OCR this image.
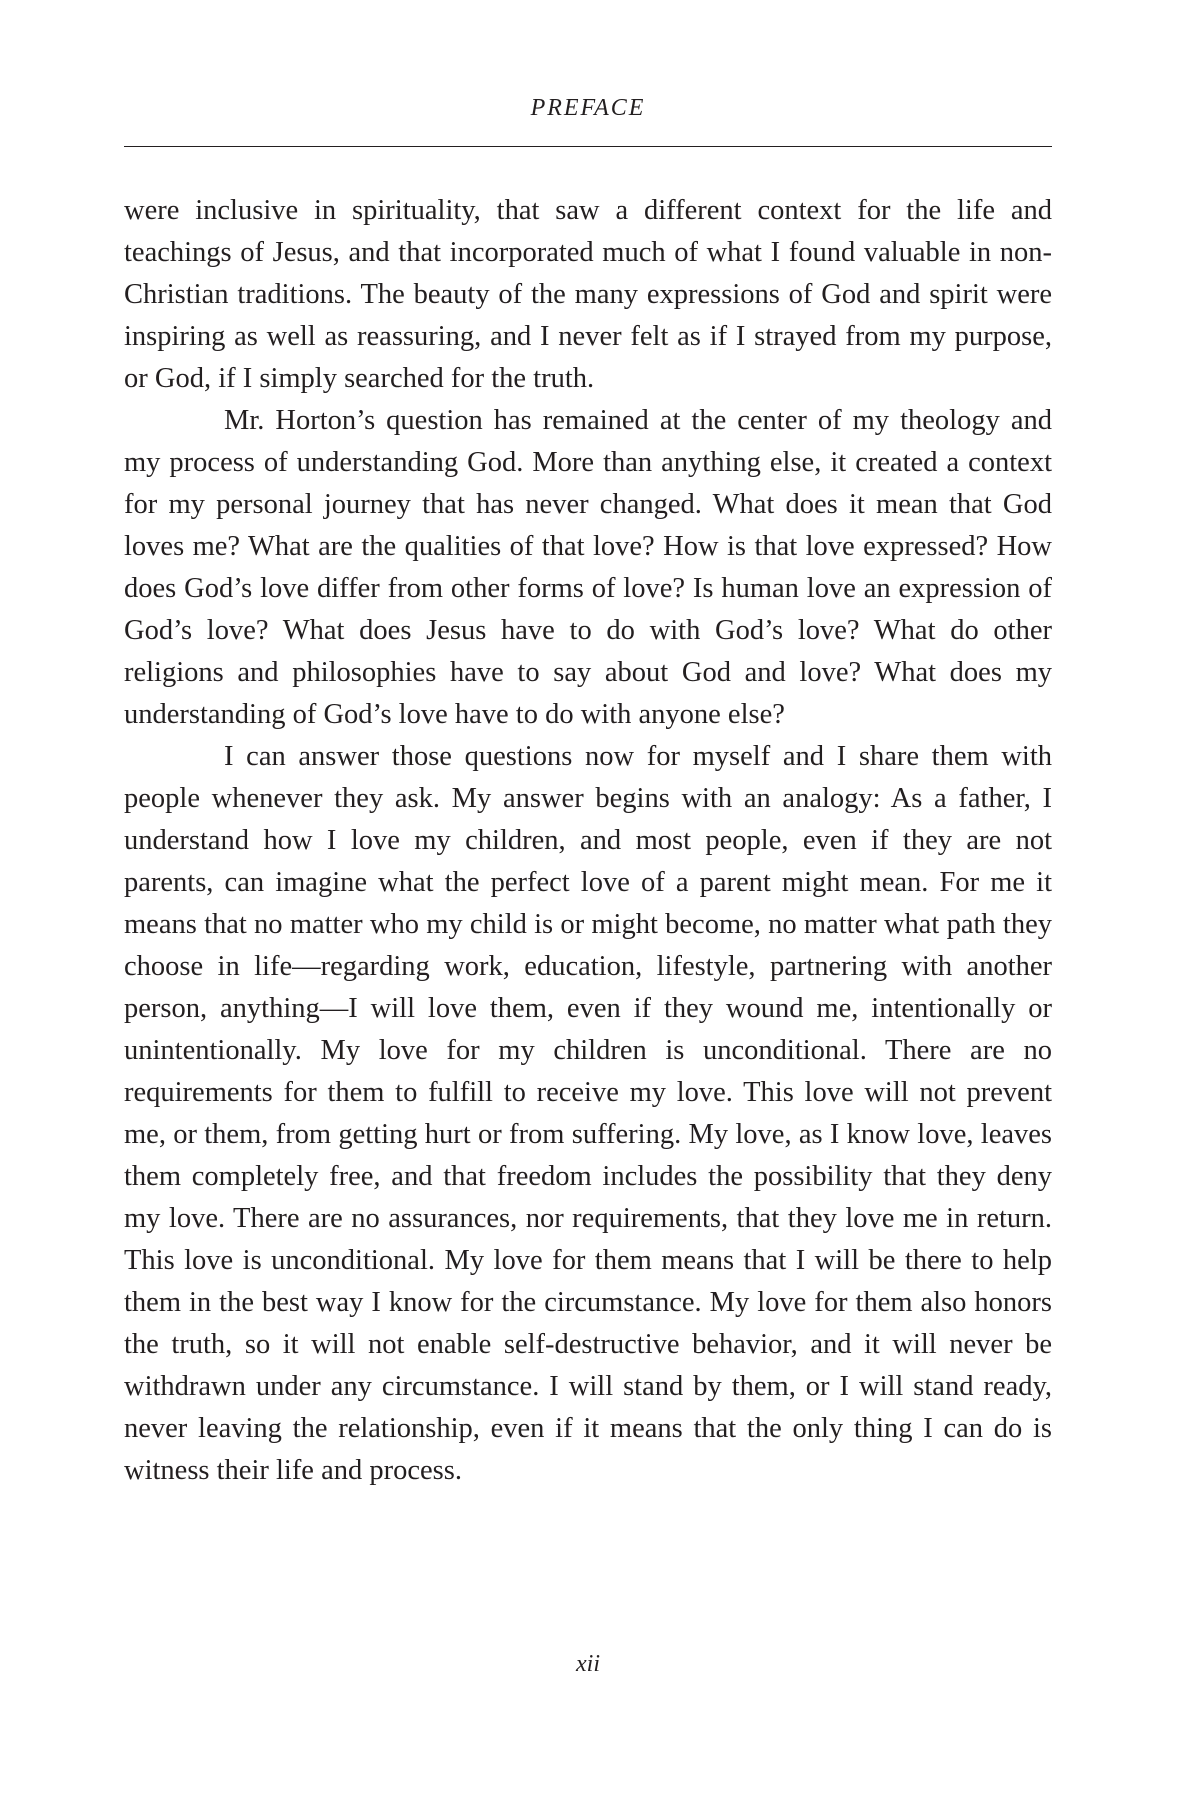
PREFACE

were inclusive in spirituality, that saw a different context for the life and teachings of Jesus, and that incorporated much of what I found valuable in non-Christian traditions. The beauty of the many expressions of God and spirit were inspiring as well as reassuring, and I never felt as if I strayed from my purpose, or God, if I simply searched for the truth.

Mr. Horton’s question has remained at the center of my theology and my process of understanding God. More than anything else, it created a context for my personal journey that has never changed. What does it mean that God loves me? What are the qualities of that love? How is that love expressed? How does God’s love differ from other forms of love? Is human love an expression of God’s love? What does Jesus have to do with God’s love? What do other religions and philosophies have to say about God and love? What does my understanding of God’s love have to do with anyone else?

I can answer those questions now for myself and I share them with people whenever they ask. My answer begins with an analogy: As a father, I understand how I love my children, and most people, even if they are not parents, can imagine what the perfect love of a parent might mean. For me it means that no matter who my child is or might become, no matter what path they choose in life—regarding work, education, lifestyle, partnering with another person, anything—I will love them, even if they wound me, intentionally or unintentionally. My love for my children is unconditional. There are no requirements for them to fulfill to receive my love. This love will not prevent me, or them, from getting hurt or from suffering. My love, as I know love, leaves them completely free, and that freedom includes the possibility that they deny my love. There are no assurances, nor requirements, that they love me in return. This love is unconditional. My love for them means that I will be there to help them in the best way I know for the circumstance. My love for them also honors the truth, so it will not enable self-destructive behavior, and it will never be withdrawn under any circumstance. I will stand by them, or I will stand ready, never leaving the relationship, even if it means that the only thing I can do is witness their life and process.

xii
